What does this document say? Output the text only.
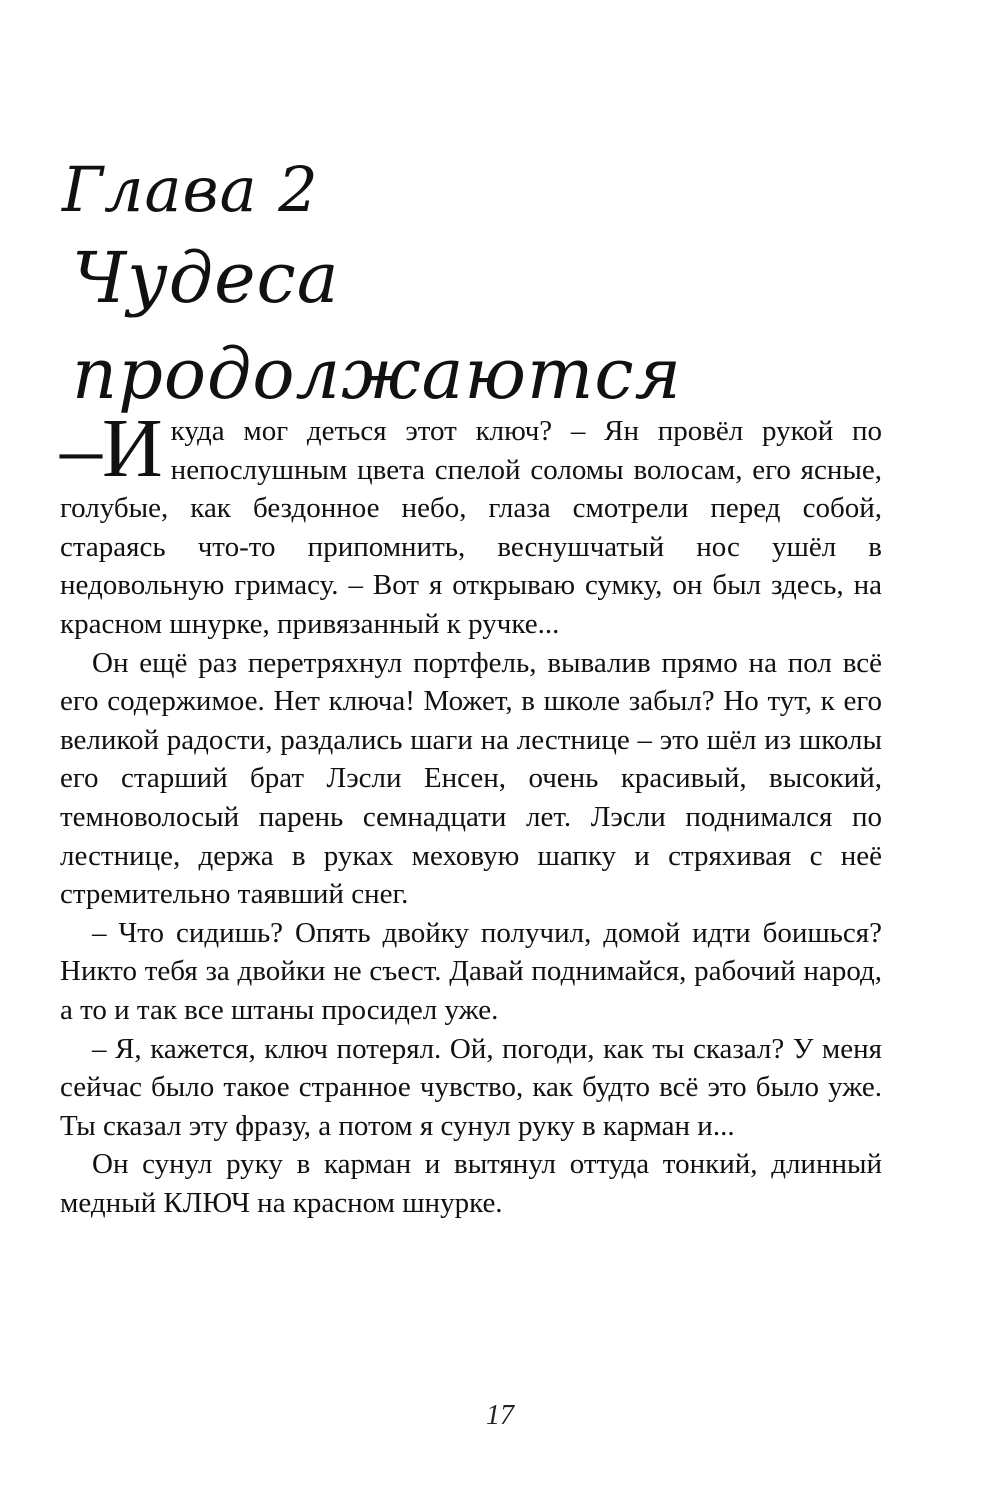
Глава 2
Чудеса продолжаются

–И куда мог деться этот ключ? – Ян провёл рукой по непослушным цвета спелой соломы волосам, его ясные, голубые, как бездонное небо, глаза смотрели перед собой, стараясь что-то припомнить, веснушчатый нос ушёл в недовольную гримасу. – Вот я открываю сумку, он был здесь, на красном шнурке, привязанный к ручке...

Он ещё раз перетряхнул портфель, вывалив прямо на пол всё его содержимое. Нет ключа! Может, в школе забыл? Но тут, к его великой радости, раздались шаги на лестнице – это шёл из школы его старший брат Лэсли Енсен, очень красивый, высокий, темноволосый парень семнадцати лет. Лэсли поднимался по лестнице, держа в руках меховую шапку и стряхивая с неё стремительно таявший снег.

– Что сидишь? Опять двойку получил, домой идти боишься? Никто тебя за двойки не съест. Давай поднимайся, рабочий народ, а то и так все штаны просидел уже.

– Я, кажется, ключ потерял. Ой, погоди, как ты сказал? У меня сейчас было такое странное чувство, как будто всё это было уже. Ты сказал эту фразу, а потом я сунул руку в карман и...

Он сунул руку в карман и вытянул оттуда тонкий, длинный медный КЛЮЧ на красном шнурке.

17
